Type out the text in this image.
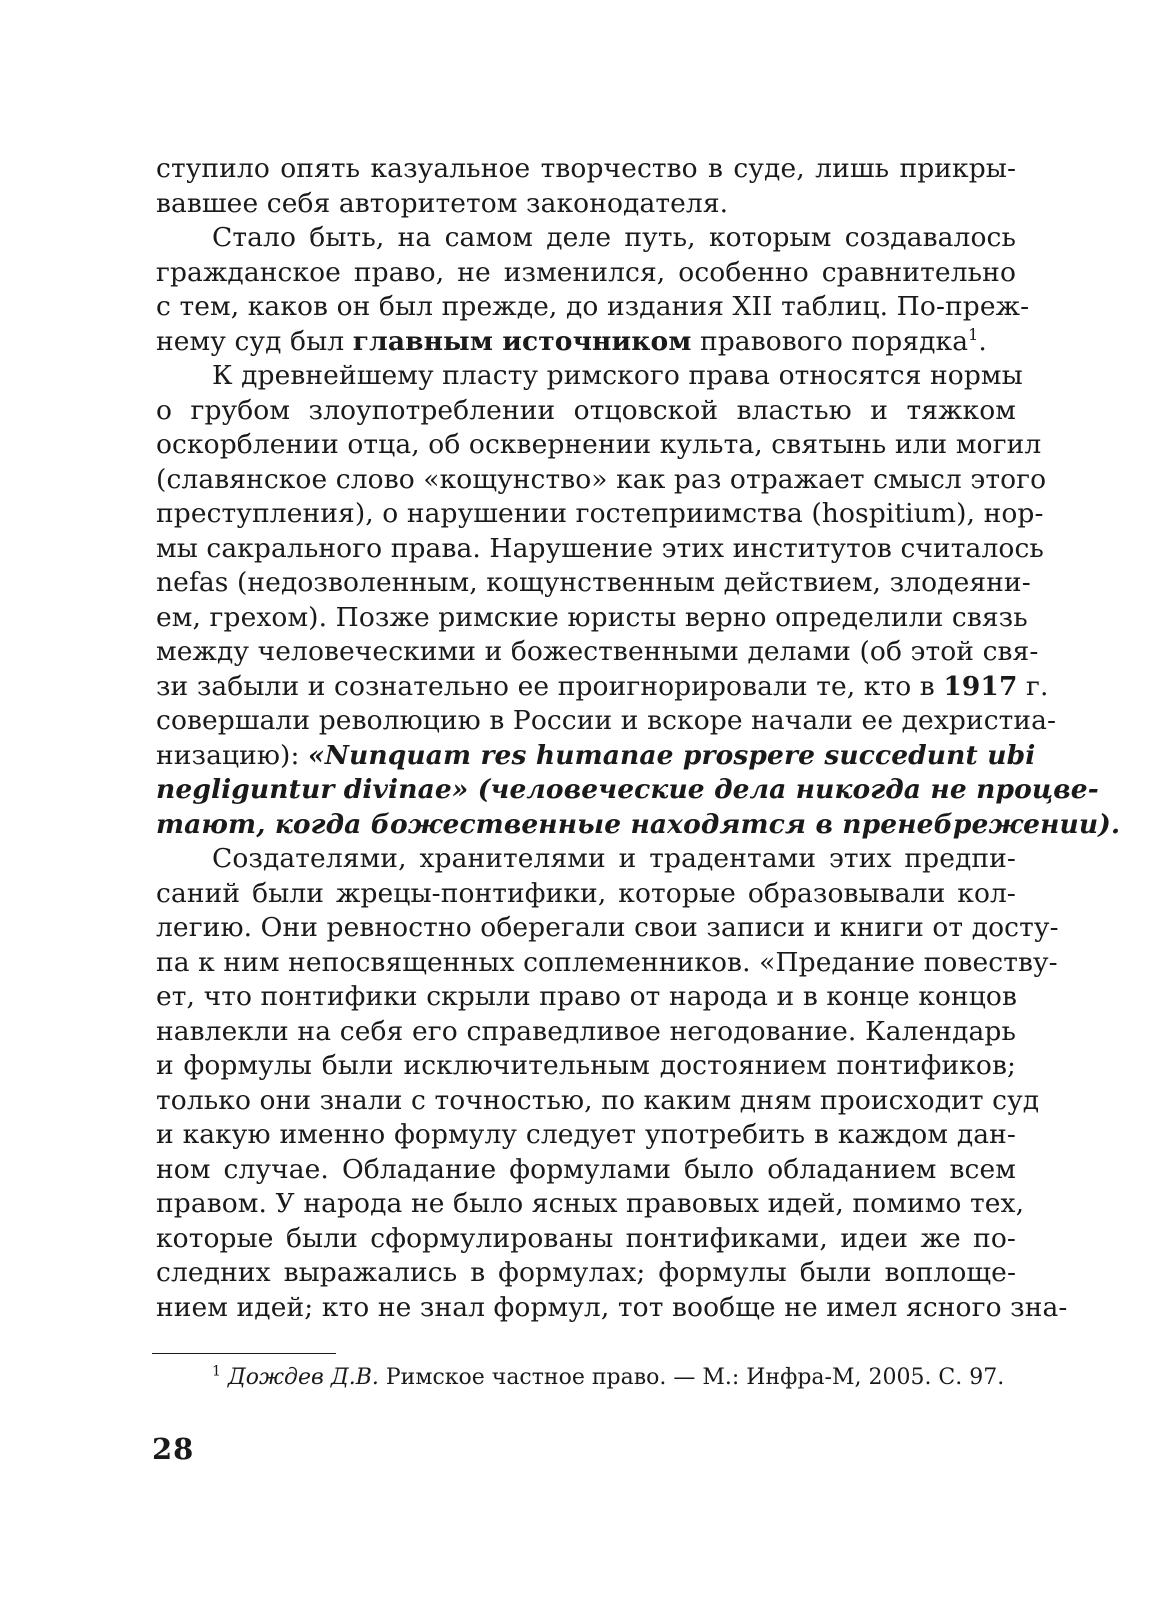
ступило опять казуальное творчество в суде, лишь прикры-
вавшее себя авторитетом законодателя.
Стало быть, на самом деле путь, которым создавалось
гражданское право, не изменился, особенно сравнительно
с тем, каков он был прежде, до издания XII таблиц. По-преж-
нему суд был главным источником правового порядка$^1$.
К древнейшему пласту римского права относятся нормы
о грубом злоупотреблении отцовской властью и тяжком
оскорблении отца, об осквернении культа, святынь или могил
(славянское слово «кощунство» как раз отражает смысл этого
преступления), о нарушении гостеприимства (hospitium), нор-
мы сакрального права. Нарушение этих институтов считалось
nefas (недозволенным, кощунственным действием, злодеяни-
ем, грехом). Позже римские юристы верно определили связь
между человеческими и божественными делами (об этой свя-
зи забыли и сознательно ее проигнорировали те, кто в 1917 г.
совершали революцию в России и вскоре начали ее дехристиа-
низацию): «Nunquam res humanae prospere succedunt ubi
negliguntur divinae» (человеческие дела никогда не процве-
тают, когда божественные находятся в пренебрежении).
Создателями, хранителями и традентами этих предпи-
саний были жрецы-понтифики, которые образовывали кол-
легию. Они ревностно оберегали свои записи и книги от досту-
па к ним непосвященных соплеменников. «Предание повеству-
ет, что понтифики скрыли право от народа и в конце концов
навлекли на себя его справедливое негодование. Календарь
и формулы были исключительным достоянием понтификов;
только они знали с точностью, по каким дням происходит суд
и какую именно формулу следует употребить в каждом дан-
ном случае. Обладание формулами было обладанием всем
правом. У народа не было ясных правовых идей, помимо тех,
которые были сформулированы понтификами, идеи же по-
следних выражались в формулах; формулы были воплоще-
нием идей; кто не знал формул, тот вообще не имел ясного зна-
$^1$ Дождев Д.В. Римское частное право. — М.: Инфра-М, 2005. С. 97.
28
